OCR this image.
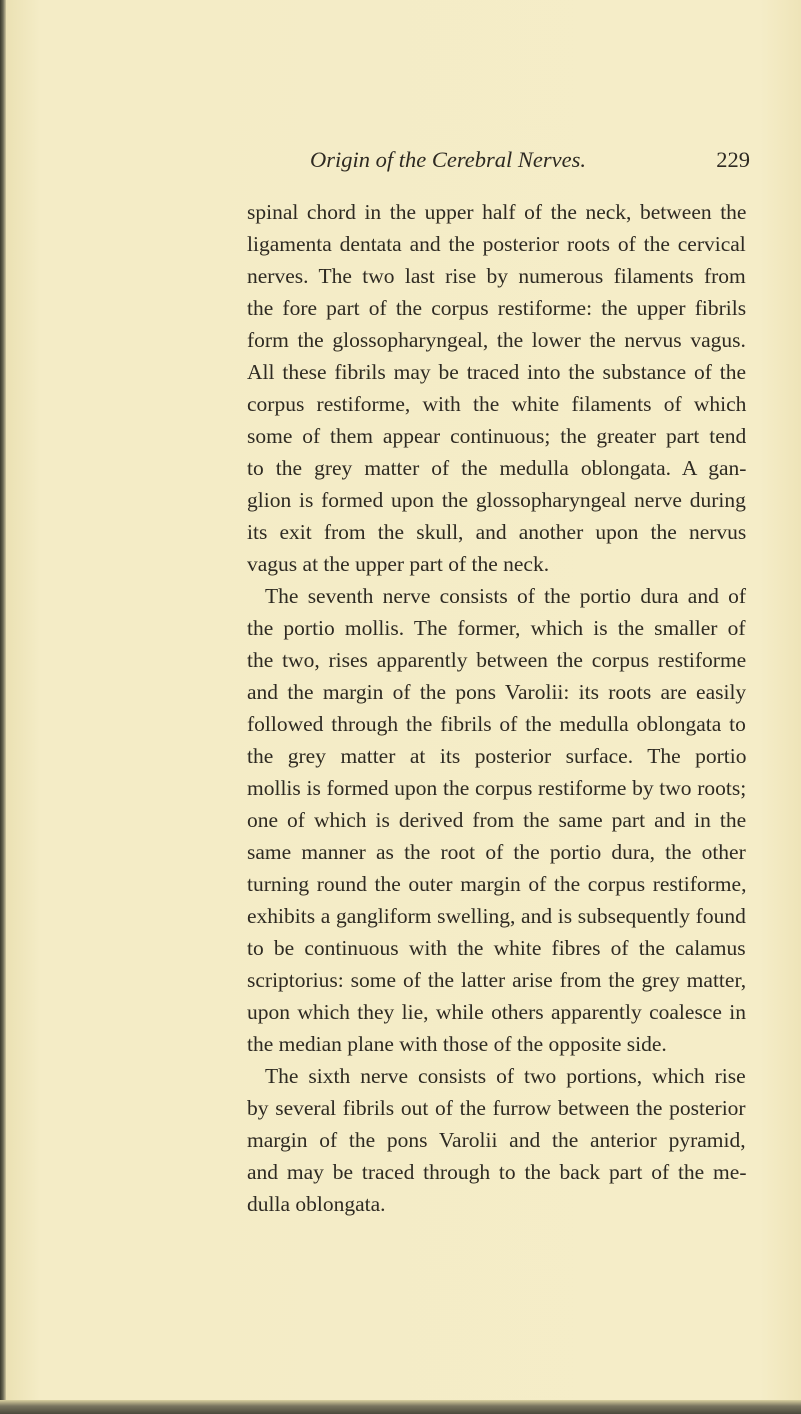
Origin of the Cerebral Nerves.	229
spinal chord in the upper half of the neck, between the
ligamenta dentata and the posterior roots of the cervical
nerves. The two last rise by numerous filaments from
the fore part of the corpus restiforme: the upper fibrils
form the glossopharyngeal, the lower the nervus vagus.
All these fibrils may be traced into the substance of the
corpus restiforme, with the white filaments of which
some of them appear continuous; the greater part tend
to the grey matter of the medulla oblongata. A gan-
glion is formed upon the glossopharyngeal nerve during
its exit from the skull, and another upon the nervus
vagus at the upper part of the neck.
The seventh nerve consists of the portio dura and of
the portio mollis. The former, which is the smaller of
the two, rises apparently between the corpus restiforme
and the margin of the pons Varolii: its roots are easily
followed through the fibrils of the medulla oblongata to
the grey matter at its posterior surface. The portio
mollis is formed upon the corpus restiforme by two roots;
one of which is derived from the same part and in the
same manner as the root of the portio dura, the other
turning round the outer margin of the corpus restiforme,
exhibits a gangliform swelling, and is subsequently found
to be continuous with the white fibres of the calamus
scriptorius: some of the latter arise from the grey matter,
upon which they lie, while others apparently coalesce in
the median plane with those of the opposite side.
The sixth nerve consists of two portions, which rise
by several fibrils out of the furrow between the posterior
margin of the pons Varolii and the anterior pyramid,
and may be traced through to the back part of the me-
dulla oblongata.
